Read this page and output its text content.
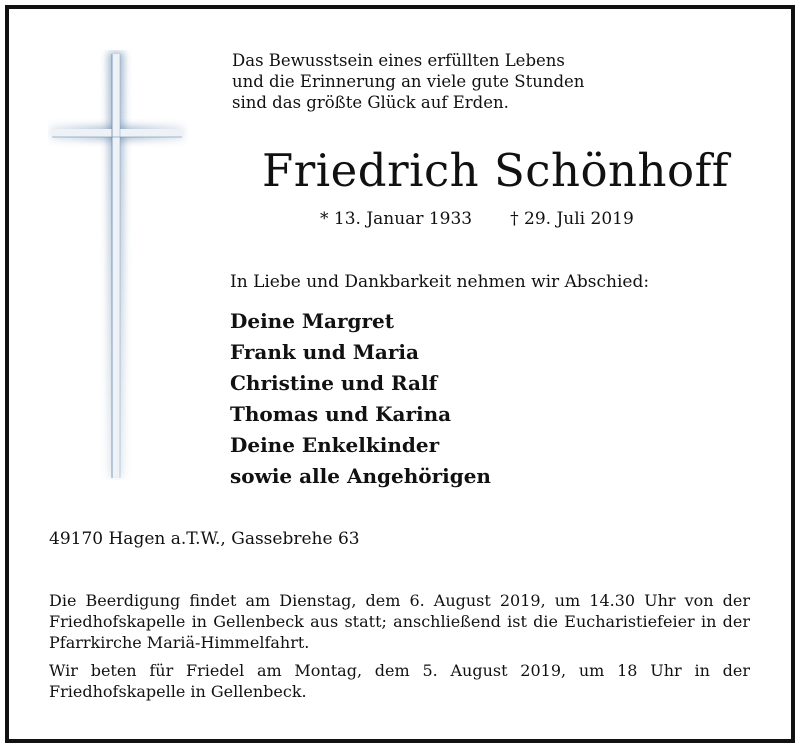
Das Bewusstsein eines erfüllten Lebens
und die Erinnerung an viele gute Stunden
sind das größte Glück auf Erden.
Friedrich Schönhoff
* 13. Januar 1933 † 29. Juli 2019
In Liebe und Dankbarkeit nehmen wir Abschied:
Deine Margret
Frank und Maria
Christine und Ralf
Thomas und Karina
Deine Enkelkinder
sowie alle Angehörigen
49170 Hagen a.T.W., Gassebrehe 63

Die Beerdigung findet am Dienstag, dem 6. August 2019, um 14.30 Uhr von der Friedhofskapelle in Gellenbeck aus statt; anschließend ist die Eucharistiefeier in der Pfarrkirche Mariä-Himmelfahrt.

Wir beten für Friedel am Montag, dem 5. August 2019, um 18 Uhr in der Friedhofskapelle in Gellenbeck.
